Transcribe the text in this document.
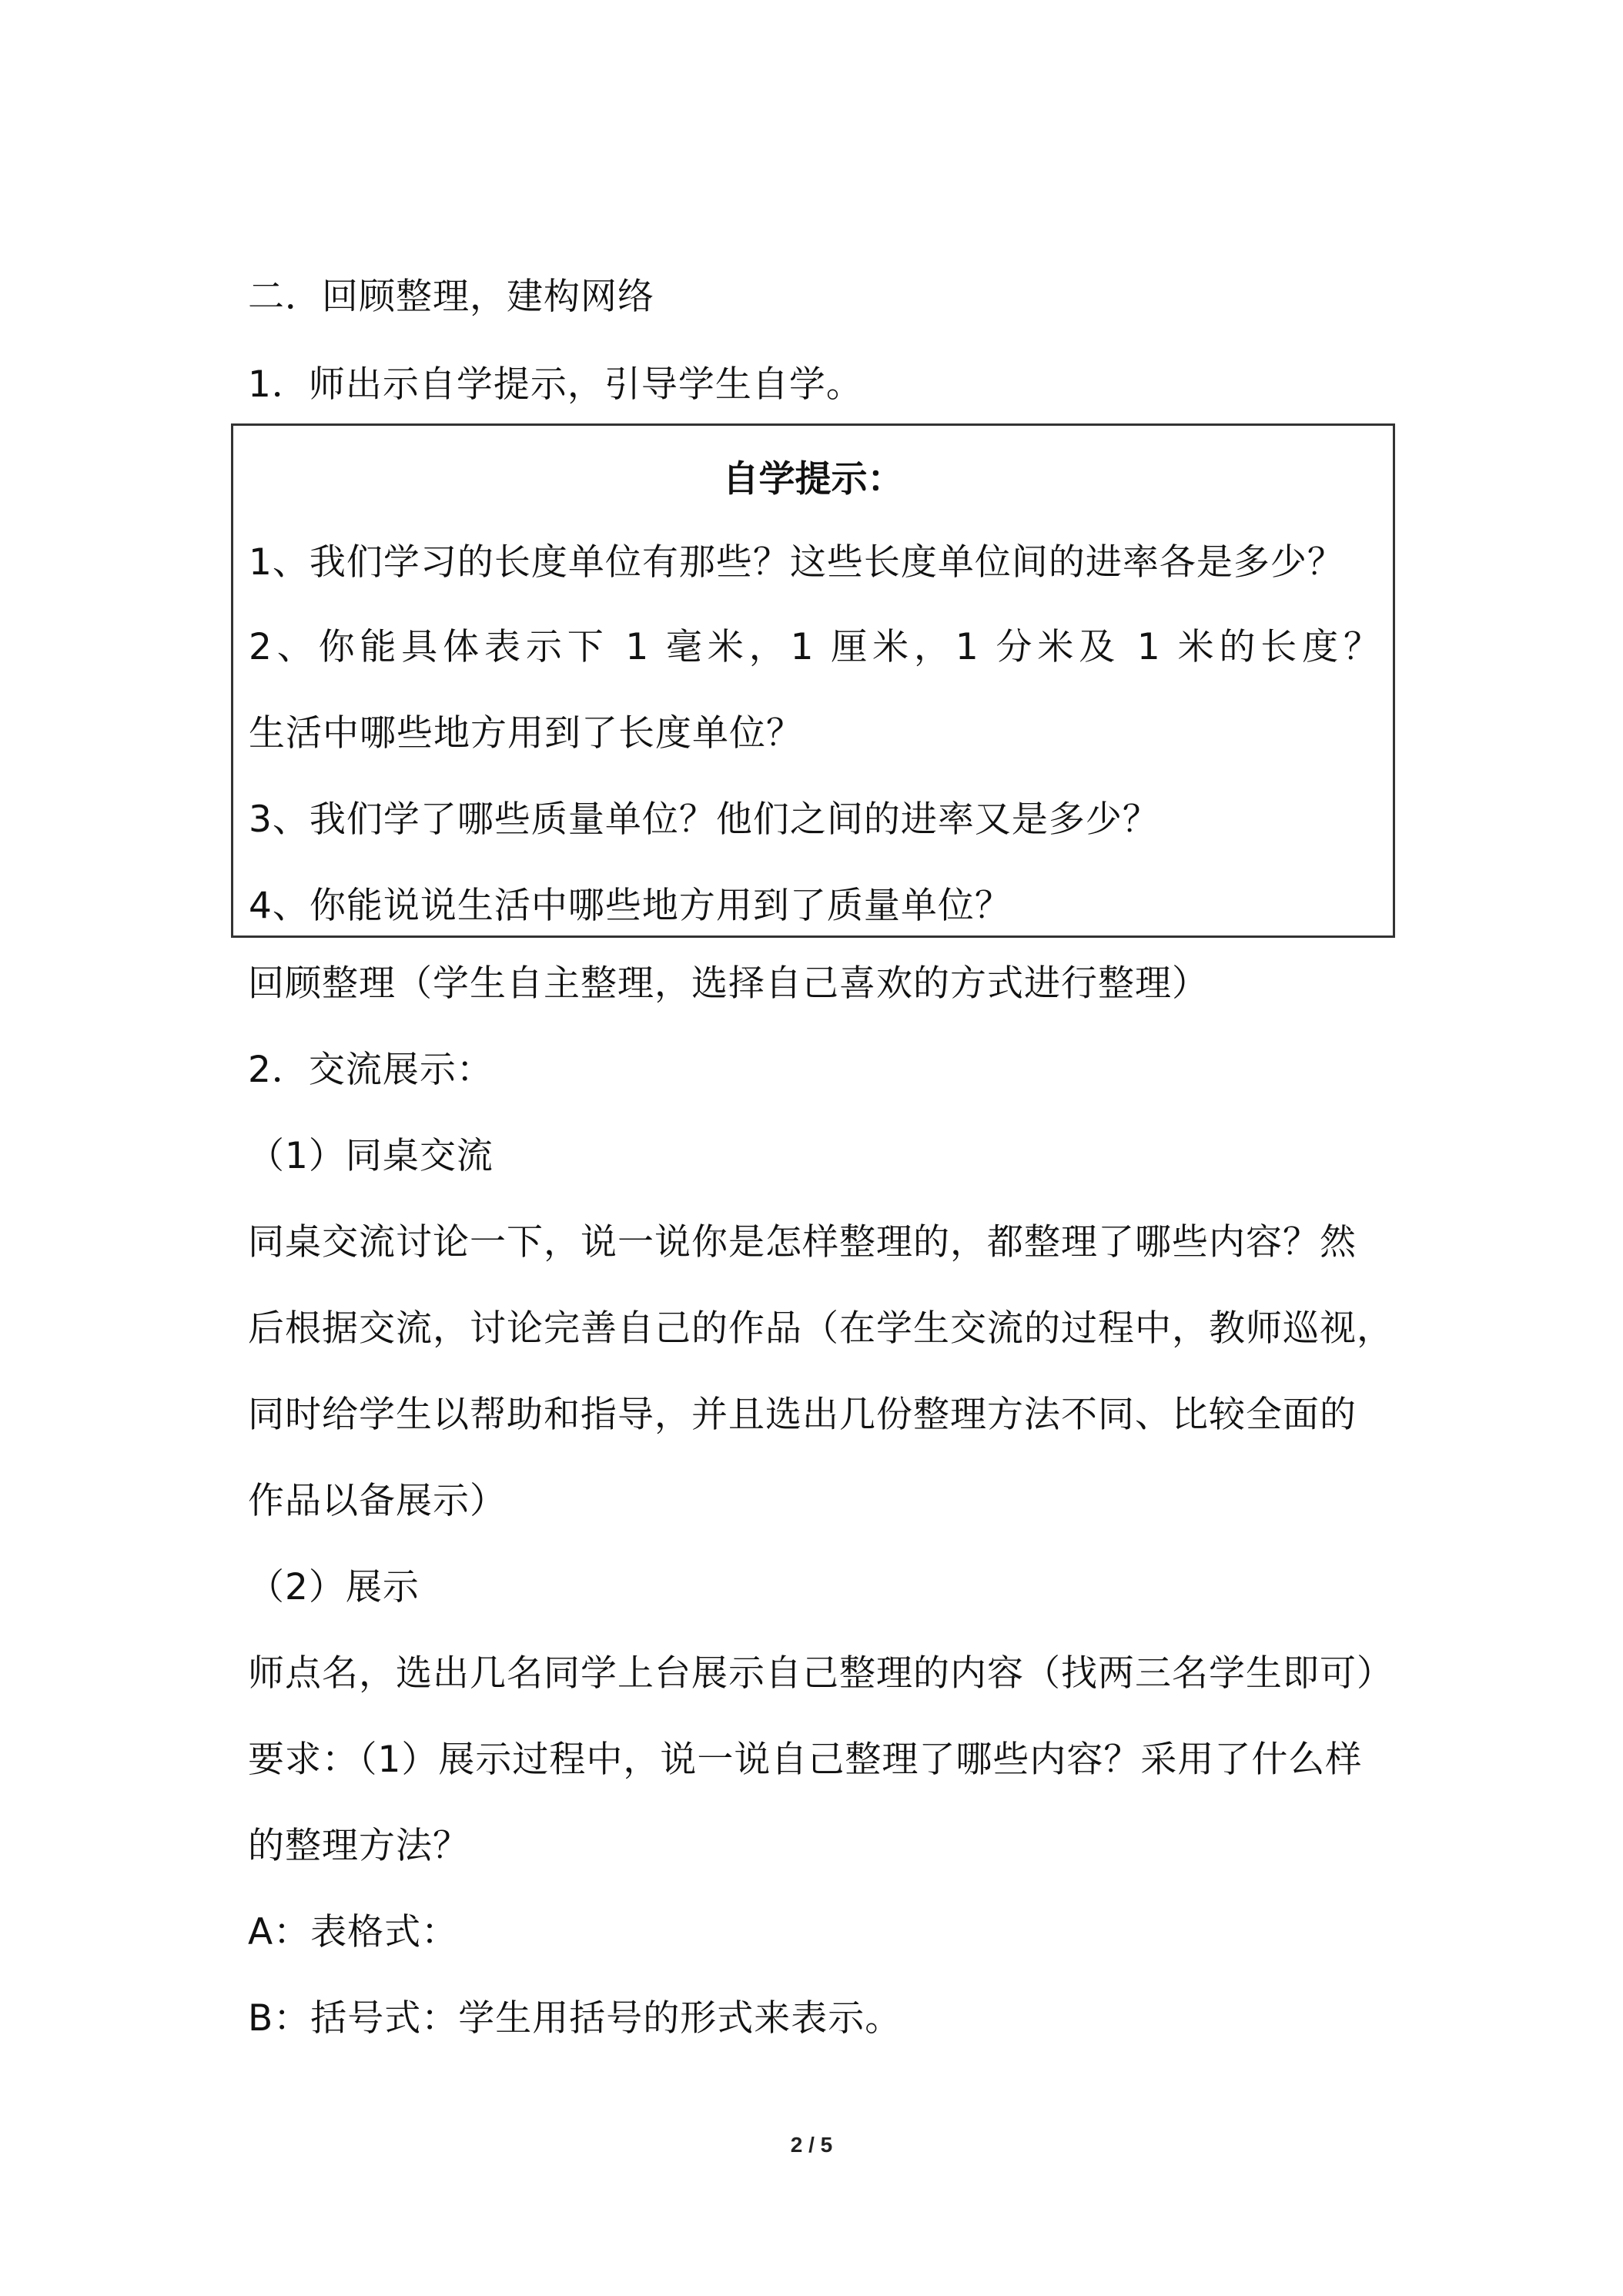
二．回顾整理，建构网络
1．师出示自学提示，引导学生自学。
自学提示：
1、我们学习的长度单位有那些？这些长度单位间的进率各是多少？
2、你能具体表示下 1 毫米，1 厘米，1 分米及 1 米的长度？
生活中哪些地方用到了长度单位？
3、我们学了哪些质量单位？他们之间的进率又是多少？
4、你能说说生活中哪些地方用到了质量单位？
回顾整理（学生自主整理，选择自己喜欢的方式进行整理）
2．交流展示：
（1）同桌交流
同桌交流讨论一下，说一说你是怎样整理的，都整理了哪些内容？然
后根据交流，讨论完善自己的作品（在学生交流的过程中，教师巡视，
同时给学生以帮助和指导，并且选出几份整理方法不同、比较全面的
作品以备展示）
（2）展示
师点名，选出几名同学上台展示自己整理的内容（找两三名学生即可）
要求：（1）展示过程中，说一说自己整理了哪些内容？采用了什么样
的整理方法？
A：表格式：
B：括号式：学生用括号的形式来表示。
2 / 5
